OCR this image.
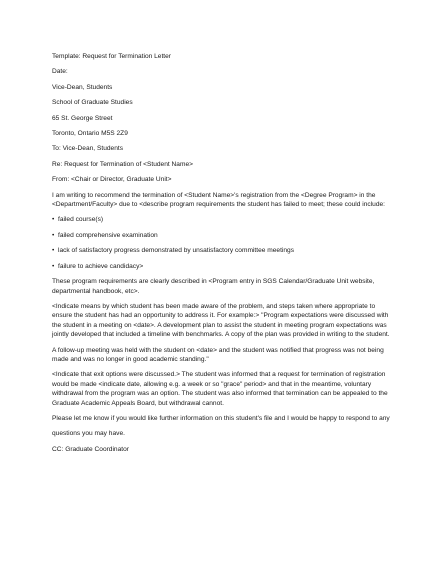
Template: Request for Termination Letter

Date:

Vice-Dean, Students

School of Graduate Studies

65 St. George Street

Toronto, Ontario M5S 2Z9

To: Vice-Dean, Students

Re: Request for Termination of <Student Name>

From: <Chair or Director, Graduate Unit>

I am writing to recommend the termination of <Student Name>'s registration from the <Degree Program> in the <Department/Faculty> due to <describe program requirements the student has failed to meet; these could include:

• failed course(s)
• failed comprehensive examination
• lack of satisfactory progress demonstrated by unsatisfactory committee meetings
• failure to achieve candidacy>

These program requirements are clearly described in <Program entry in SGS Calendar/Graduate Unit website, departmental handbook, etc>.

<Indicate means by which student has been made aware of the problem, and steps taken where appropriate to ensure the student has had an opportunity to address it. For example:> "Program expectations were discussed with the student in a meeting on <date>. A development plan to assist the student in meeting program expectations was jointly developed that included a timeline with benchmarks. A copy of the plan was provided in writing to the student.

A follow-up meeting was held with the student on <date> and the student was notified that progress was not being made and was no longer in good academic standing."

<Indicate that exit options were discussed.> The student was informed that a request for termination of registration would be made <indicate date, allowing e.g. a week or so "grace" period> and that in the meantime, voluntary withdrawal from the program was an option. The student was also informed that termination can be appealed to the Graduate Academic Appeals Board, but withdrawal cannot.

Please let me know if you would like further information on this student's file and I would be happy to respond to any

questions you may have.

CC: Graduate Coordinator
